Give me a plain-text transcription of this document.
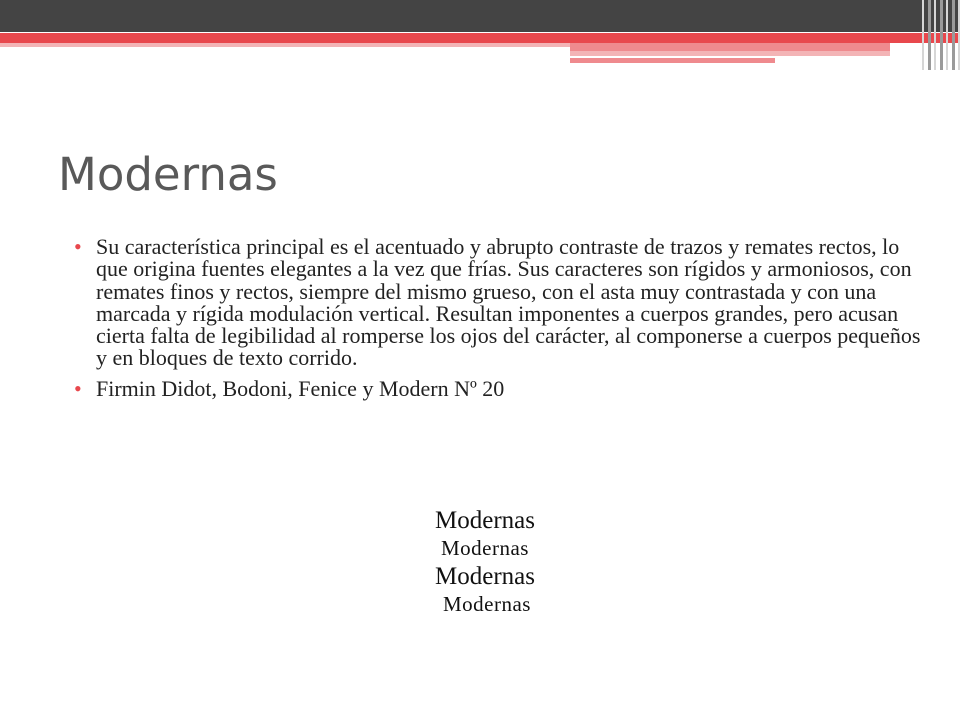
Modernas
• Su característica principal es el acentuado y abrupto contraste de trazos y remates rectos, lo que origina fuentes elegantes a la vez que frías. Sus caracteres son rígidos y armoniosos, con remates finos y rectos, siempre del mismo grueso, con el asta muy contrastada y con una marcada y rígida modulación vertical. Resultan imponentes a cuerpos grandes, pero acusan cierta falta de legibilidad al romperse los ojos del carácter, al componerse a cuerpos pequeños y en bloques de texto corrido.
• Firmin Didot, Bodoni, Fenice y Modern Nº 20
Modernas
Modernas
Modernas
Modernas
